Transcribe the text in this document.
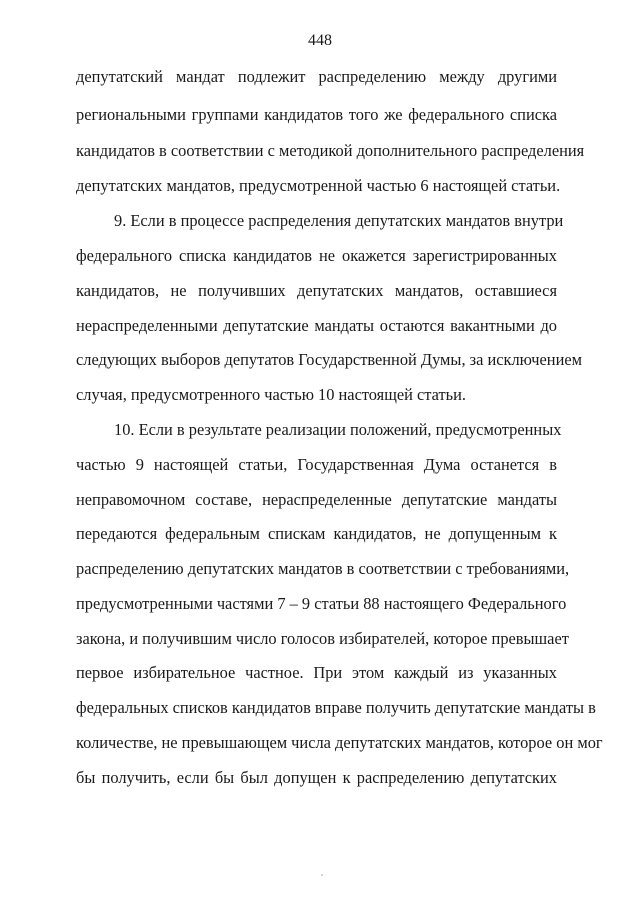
448
депутатский мандат подлежит распределению между другими
региональными группами кандидатов того же федерального списка
кандидатов в соответствии с методикой дополнительного распределения
депутатских мандатов, предусмотренной частью 6 настоящей статьи.
9. Если в процессе распределения депутатских мандатов внутри
федерального списка кандидатов не окажется зарегистрированных
кандидатов, не получивших депутатских мандатов, оставшиеся
нераспределенными депутатские мандаты остаются вакантными до
следующих выборов депутатов Государственной Думы, за исключением
случая, предусмотренного частью 10 настоящей статьи.
10. Если в результате реализации положений, предусмотренных
частью 9 настоящей статьи, Государственная Дума останется в
неправомочном составе, нераспределенные депутатские мандаты
передаются федеральным спискам кандидатов, не допущенным к
распределению депутатских мандатов в соответствии с требованиями,
предусмотренными частями 7 – 9 статьи 88 настоящего Федерального
закона, и получившим число голосов избирателей, которое превышает
первое избирательное частное. При этом каждый из указанных
федеральных списков кандидатов вправе получить депутатские мандаты в
количестве, не превышающем числа депутатских мандатов, которое он мог
бы получить, если бы был допущен к распределению депутатских
